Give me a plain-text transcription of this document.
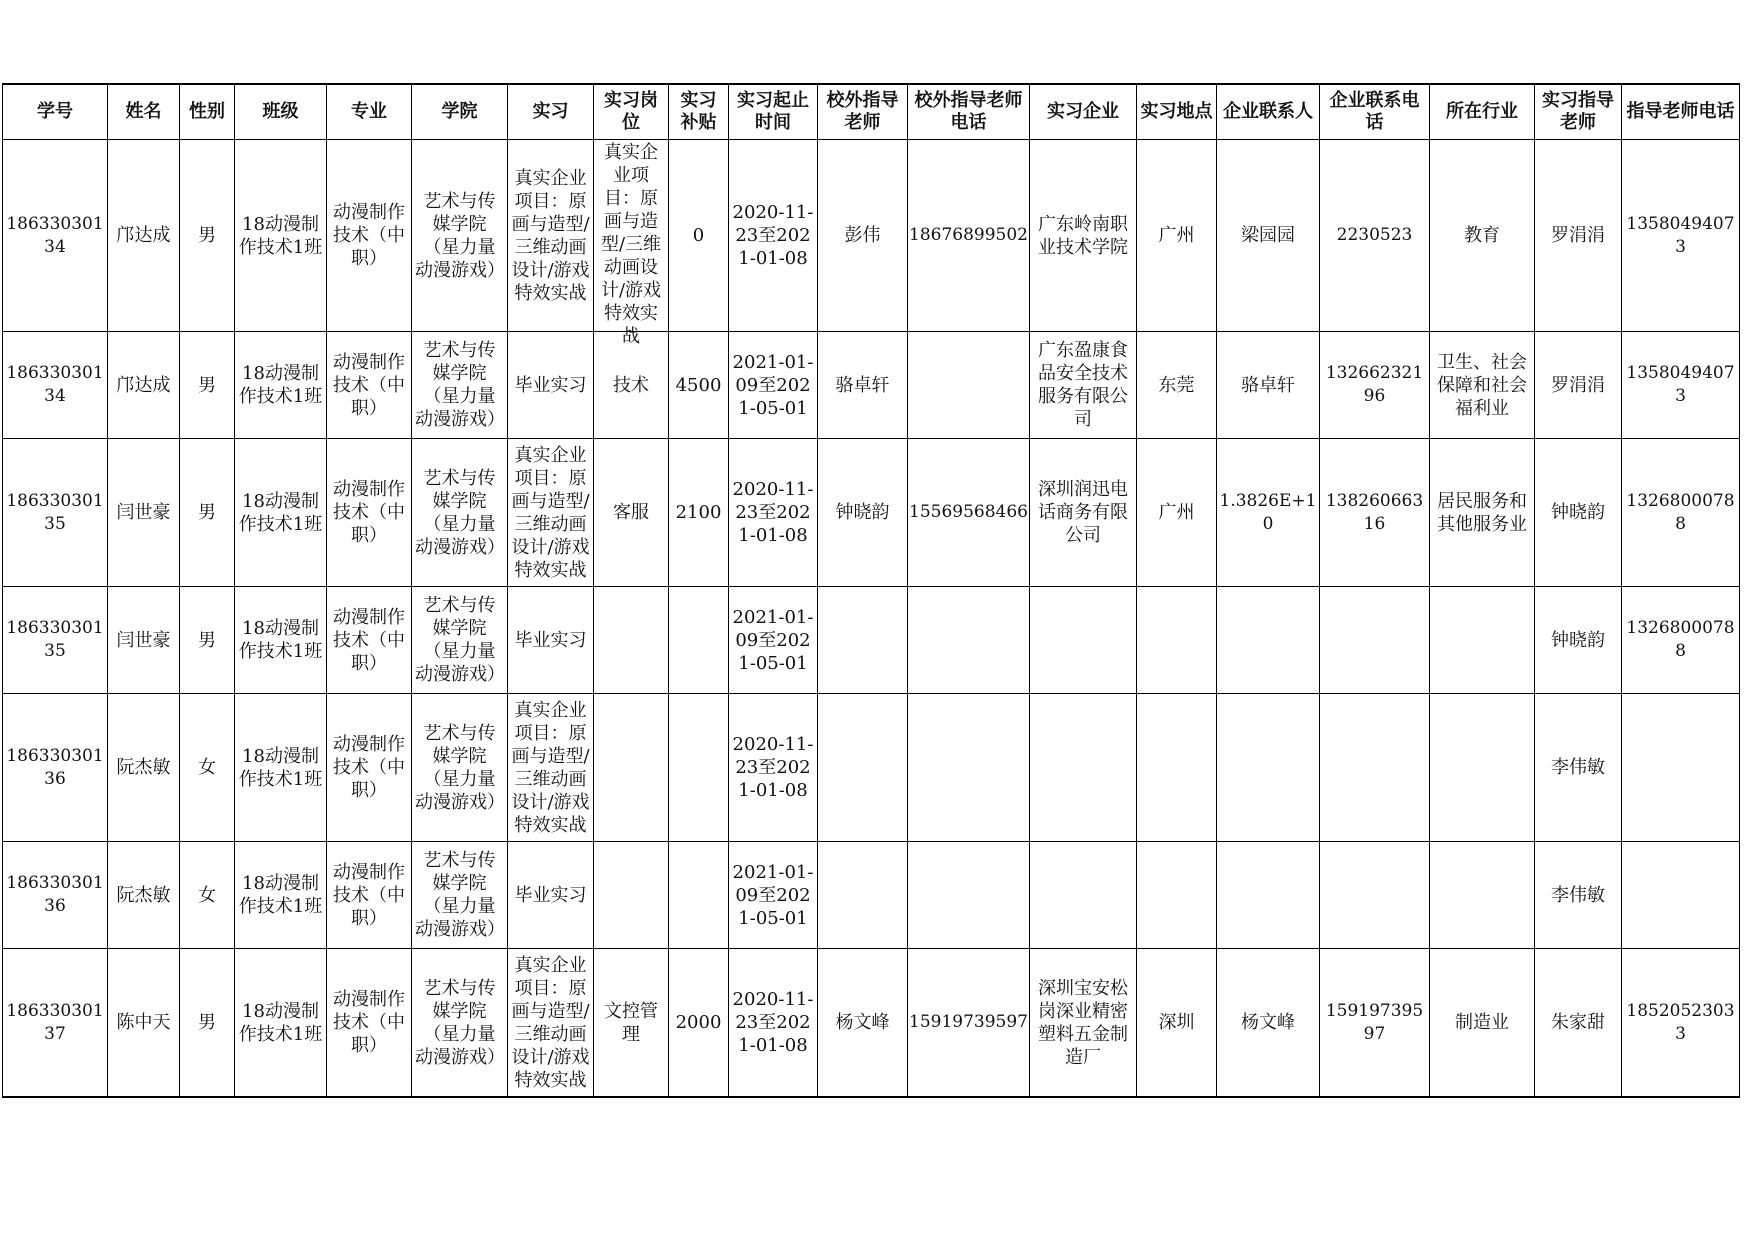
学号	姓名	性别	班级	专业	学院	实习	实习岗位	实习补贴	实习起止时间	校外指导老师	校外指导老师电话	实习企业	实习地点	企业联系人	企业联系电话	所在行业	实习指导老师	指导老师电话
18633030134	邝达成	男	18动漫制作技术1班	动漫制作技术（中职）	艺术与传媒学院（星力量动漫游戏）	真实企业项目：原画与造型/三维动画设计/游戏特效实战	真实企业项目：原画与造型/三维动画设计/游戏特效实战	0	2020-11-23至2021-01-08	彭伟	18676899502	广东岭南职业技术学院	广州	梁园园	2230523	教育	罗涓涓	13580494073
18633030134	邝达成	男	18动漫制作技术1班	动漫制作技术（中职）	艺术与传媒学院（星力量动漫游戏）	毕业实习	技术	4500	2021-01-09至2021-05-01	骆卓轩		广东盈康食品安全技术服务有限公司	东莞	骆卓轩	13266232196	卫生、社会保障和社会福利业	罗涓涓	13580494073
18633030135	闫世豪	男	18动漫制作技术1班	动漫制作技术（中职）	艺术与传媒学院（星力量动漫游戏）	真实企业项目：原画与造型/三维动画设计/游戏特效实战	客服	2100	2020-11-23至2021-01-08	钟晓韵	15569568466	深圳润迅电话商务有限公司	广州	1.3826E+10	13826066316	居民服务和其他服务业	钟晓韵	13268000788
18633030135	闫世豪	男	18动漫制作技术1班	动漫制作技术（中职）	艺术与传媒学院（星力量动漫游戏）	毕业实习			2021-01-09至2021-05-01								钟晓韵	13268000788
18633030136	阮杰敏	女	18动漫制作技术1班	动漫制作技术（中职）	艺术与传媒学院（星力量动漫游戏）	真实企业项目：原画与造型/三维动画设计/游戏特效实战			2020-11-23至2021-01-08								李伟敏	
18633030136	阮杰敏	女	18动漫制作技术1班	动漫制作技术（中职）	艺术与传媒学院（星力量动漫游戏）	毕业实习			2021-01-09至2021-05-01								李伟敏	
18633030137	陈中天	男	18动漫制作技术1班	动漫制作技术（中职）	艺术与传媒学院（星力量动漫游戏）	真实企业项目：原画与造型/三维动画设计/游戏特效实战	文控管理	2000	2020-11-23至2021-01-08	杨文峰	15919739597	深圳宝安松岗深业精密塑料五金制造厂	深圳	杨文峰	15919739597	制造业	朱家甜	18520523033
